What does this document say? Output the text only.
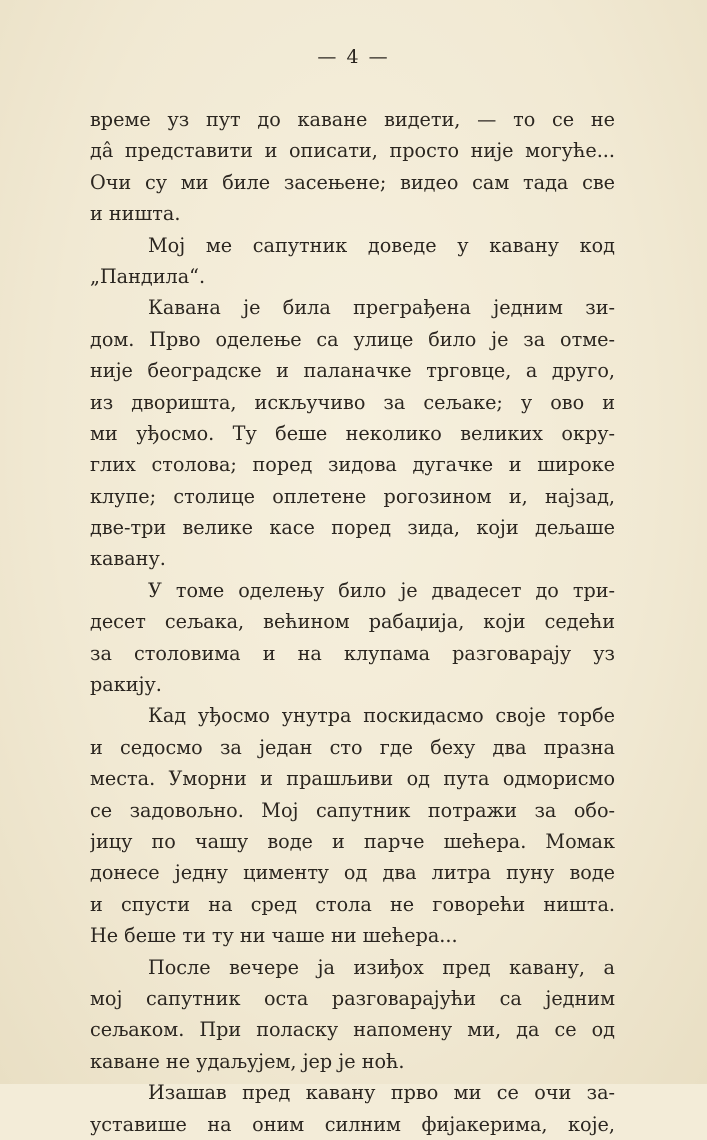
— 4 —
време уз пут до каване видети, — то се не
дâ представити и описати, просто није могуће...
Очи су ми биле засењене; видео сам тада све
и ништа.
Мој ме сапутник доведе у кавану код
„Пандила“.
Кавана је била преграђена једним зи-
дом. Прво оделење са улице било је за отме-
није београдске и паланачке трговце, а друго,
из дворишта, искључиво за сељаке; у ово и
ми уђосмо. Ту беше неколико великих окру-
глих столова; поред зидова дугачке и широке
клупе; столице оплетене рогозином и, најзад,
две-три велике касе поред зида, који дељаше
кавану.
У томе оделењу било је двадесет до три-
десет сељака, већином рабаџија, који седећи
за столовима и на клупама разговарају уз
ракију.
Кад уђосмо унутра поскидасмо своје торбе
и седосмо за један сто где беху два празна
места. Уморни и прашљиви од пута одморисмо
се задовољно. Мој сапутник потражи за обо-
јицу по чашу воде и парче шећера. Момак
донесе једну циментy од два литра пуну воде
и спусти на сред стола не говорећи ништа.
Не беше ти ту ни чаше ни шећера...
После вечере ја изиђох пред кавану, а
мој сапутник оста разговарајући са једним
сељаком. При поласку напомену ми, да се од
каване не удаљујем, јер је ноћ.
Изашав пред кавану прво ми се очи за-
уставише на оним силним фијакерима, које,
